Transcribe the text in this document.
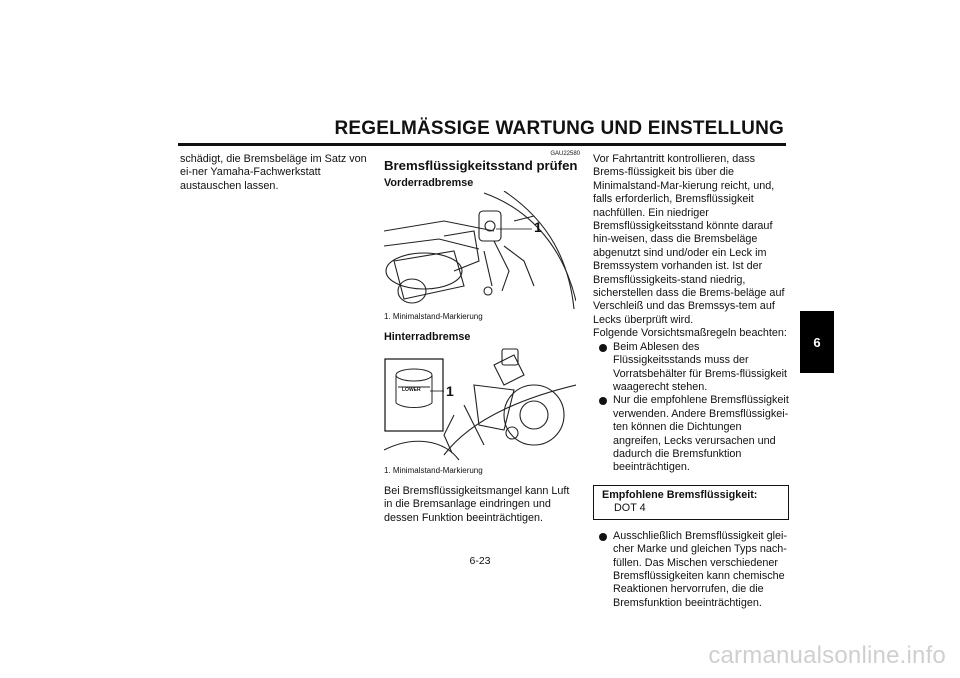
REGELMÄSSIGE WARTUNG UND EINSTELLUNG
6

schädigt, die Bremsbeläge im Satz von ei-ner Yamaha-Fachwerkstatt austauschen lassen.

GAU22580

Bremsflüssigkeitsstand prüfen
Vorderradbremse
1

1. Minimalstand-Markierung

Hinterradbremse
LOWER 1

1. Minimalstand-Markierung

Bei Bremsflüssigkeitsmangel kann Luft in die Bremsanlage eindringen und dessen Funktion beeinträchtigen.

Vor Fahrtantritt kontrollieren, dass Brems-flüssigkeit bis über die Minimalstand-Mar-kierung reicht, und, falls erforderlich, Bremsflüssigkeit nachfüllen. Ein niedriger Bremsflüssigkeitsstand könnte darauf hin-weisen, dass die Bremsbeläge abgenutzt sind und/oder ein Leck im Bremssystem vorhanden ist. Ist der Bremsflüssigkeits-stand niedrig, sicherstellen dass die Brems-beläge auf Verschleiß und das Bremssys-tem auf Lecks überprüft wird.

Folgende Vorsichtsmaßregeln beachten:

Beim Ablesen des Flüssigkeitsstands muss der Vorratsbehälter für Brems-flüssigkeit waagerecht stehen.

Nur die empfohlene Bremsflüssigkeit verwenden. Andere Bremsflüssigkei-ten können die Dichtungen angreifen, Lecks verursachen und dadurch die Bremsfunktion beeinträchtigen.

Empfohlene Bremsflüssigkeit:
DOT 4

Ausschließlich Bremsflüssigkeit glei-cher Marke und gleichen Typs nach-füllen. Das Mischen verschiedener Bremsflüssigkeiten kann chemische Reaktionen hervorrufen, die die Bremsfunktion beeinträchtigen.

6-23
carmanualsonline.info
